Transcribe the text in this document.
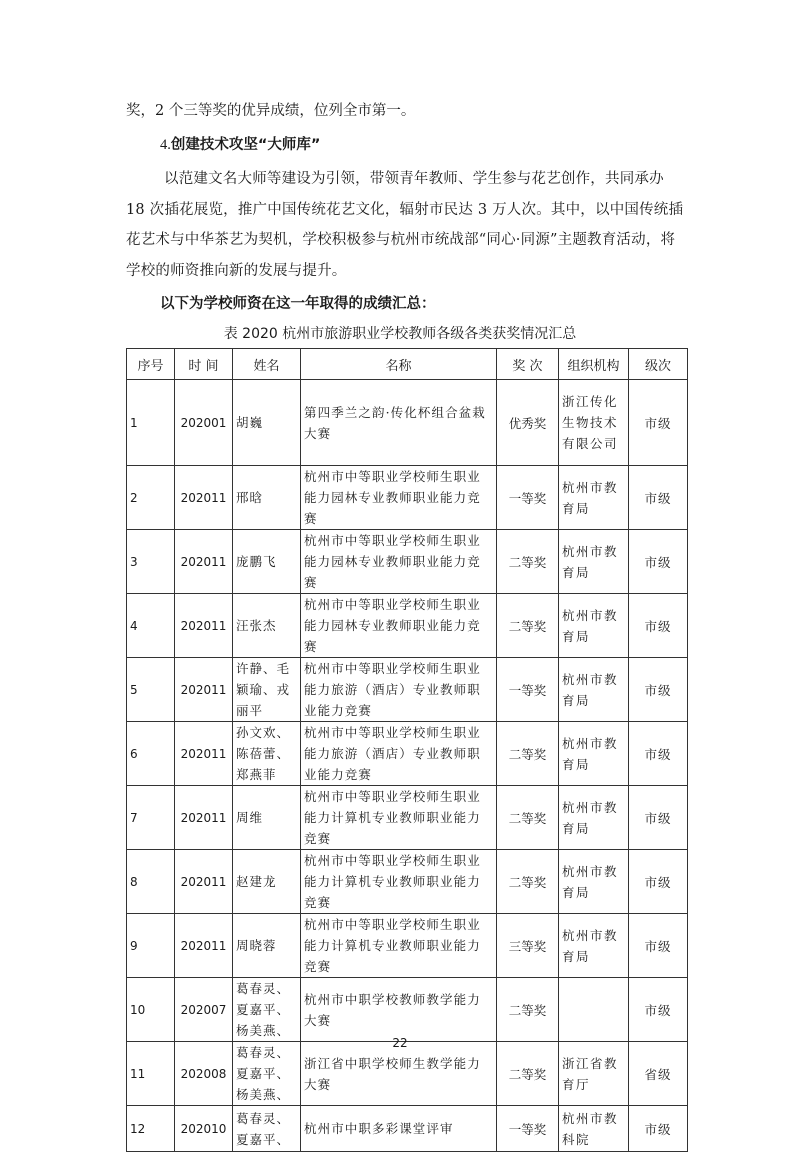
奖，2 个三等奖的优异成绩，位列全市第一。
4.创建技术攻坚“大师库”
以范建文名大师等建设为引领，带领青年教师、学生参与花艺创作，共同承办 18 次插花展览，推广中国传统花艺文化，辐射市民达 3 万人次。其中，以中国传统插花艺术与中华茶艺为契机，学校积极参与杭州市统战部“同心·同源”主题教育活动，将学校的师资推向新的发展与提升。
以下为学校师资在这一年取得的成绩汇总：
表 2020 杭州市旅游职业学校教师各级各类获奖情况汇总
序号	时 间	姓名	名称	奖 次	组织机构	级次
1	202001	胡巍	第四季兰之韵·传化杯组合盆栽大赛	优秀奖	浙江传化生物技术有限公司	市级
2	202011	邢晗	杭州市中等职业学校师生职业能力园林专业教师职业能力竞赛	一等奖	杭州市教育局	市级
3	202011	庞鹏飞	杭州市中等职业学校师生职业能力园林专业教师职业能力竞赛	二等奖	杭州市教育局	市级
4	202011	汪张杰	杭州市中等职业学校师生职业能力园林专业教师职业能力竞赛	二等奖	杭州市教育局	市级
5	202011	许静、毛颖瑜、戎丽平	杭州市中等职业学校师生职业能力旅游（酒店）专业教师职业能力竞赛	一等奖	杭州市教育局	市级
6	202011	孙文欢、陈蓓蕾、郑燕菲	杭州市中等职业学校师生职业能力旅游（酒店）专业教师职业能力竞赛	二等奖	杭州市教育局	市级
7	202011	周维	杭州市中等职业学校师生职业能力计算机专业教师职业能力竞赛	二等奖	杭州市教育局	市级
8	202011	赵建龙	杭州市中等职业学校师生职业能力计算机专业教师职业能力竞赛	二等奖	杭州市教育局	市级
9	202011	周晓蓉	杭州市中等职业学校师生职业能力计算机专业教师职业能力竞赛	三等奖	杭州市教育局	市级
10	202007	葛春灵、夏嘉平、杨美燕、	杭州市中职学校教师教学能力大赛	二等奖		市级
11	202008	葛春灵、夏嘉平、杨美燕、	浙江省中职学校师生教学能力大赛	二等奖	浙江省教育厅	省级
12	202010	葛春灵、夏嘉平、	杭州市中职多彩课堂评审	一等奖	杭州市教科院	市级
22
